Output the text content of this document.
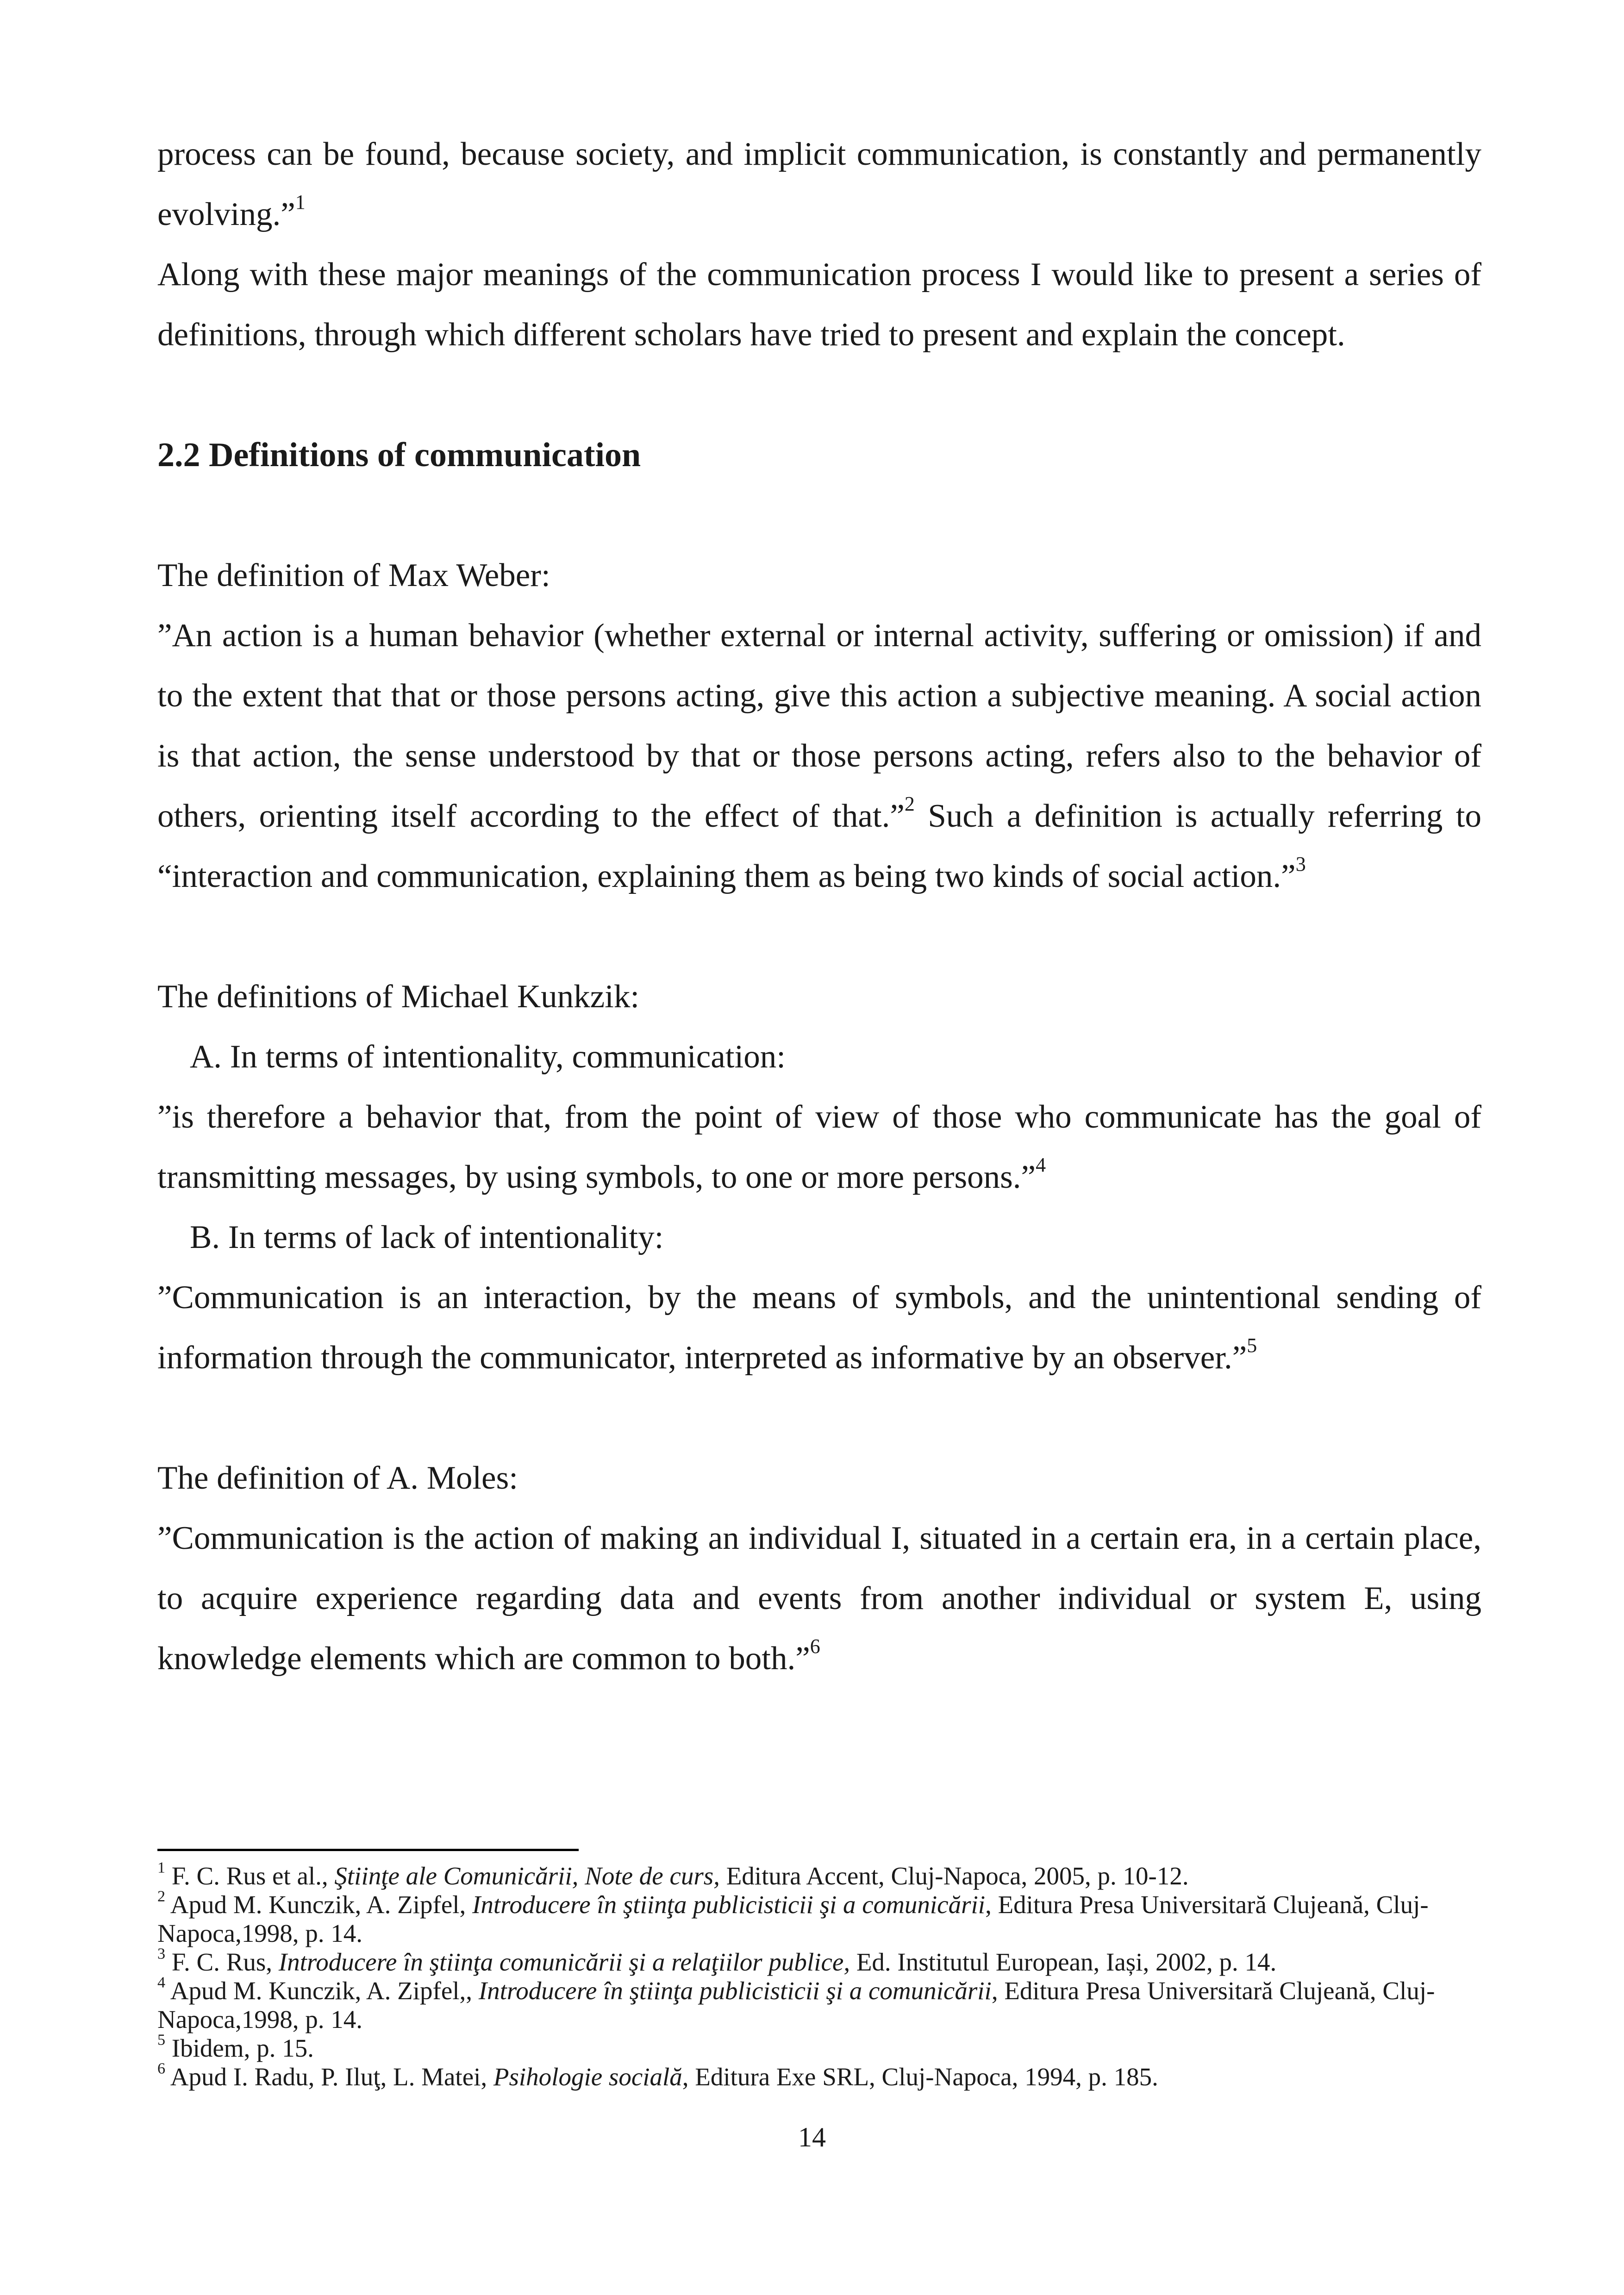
process can be found, because society, and implicit communication, is constantly and permanently evolving.”$^1$

Along with these major meanings of the communication process I would like to present a series of definitions, through which different scholars have tried to present and explain the concept.

2.2 Definitions of communication

The definition of Max Weber:

”An action is a human behavior (whether external or internal activity, suffering or omission) if and to the extent that that or those persons acting, give this action a subjective meaning. A social action is that action, the sense understood by that or those persons acting, refers also to the behavior of others, orienting itself according to the effect of that.”$^2$ Such a definition is actually referring to “interaction and communication, explaining them as being two kinds of social action.”$^3$

The definitions of Michael Kunkzik:

A. In terms of intentionality, communication:

”is therefore a behavior that, from the point of view of those who communicate has the goal of transmitting messages, by using symbols, to one or more persons.”$^4$

B. In terms of lack of intentionality:

”Communication is an interaction, by the means of symbols, and the unintentional sending of information through the communicator, interpreted as informative by an observer.”$^5$

The definition of A. Moles:

”Communication is the action of making an individual I, situated in a certain era, in a certain place, to acquire experience regarding data and events from another individual or system E, using knowledge elements which are common to both.”$^6$

$^1$ F. C. Rus et al., Ştiinţe ale Comunicării, Note de curs, Editura Accent, Cluj-Napoca, 2005, p. 10-12.

$^2$ Apud M. Kunczik, A. Zipfel, Introducere în ştiinţa publicisticii şi a comunicării, Editura Presa Universitară Clujeană, Cluj-Napoca,1998, p. 14.

$^3$ F. C. Rus, Introducere în ştiinţa comunicării şi a relaţiilor publice, Ed. Institutul European, Iași, 2002, p. 14.

$^4$ Apud M. Kunczik, A. Zipfel,, Introducere în ştiinţa publicisticii şi a comunicării, Editura Presa Universitară Clujeană, Cluj-Napoca,1998, p. 14.

$^5$ Ibidem, p. 15.

$^6$ Apud I. Radu, P. Iluţ, L. Matei, Psihologie socială, Editura Exe SRL, Cluj-Napoca, 1994, p. 185.

14
